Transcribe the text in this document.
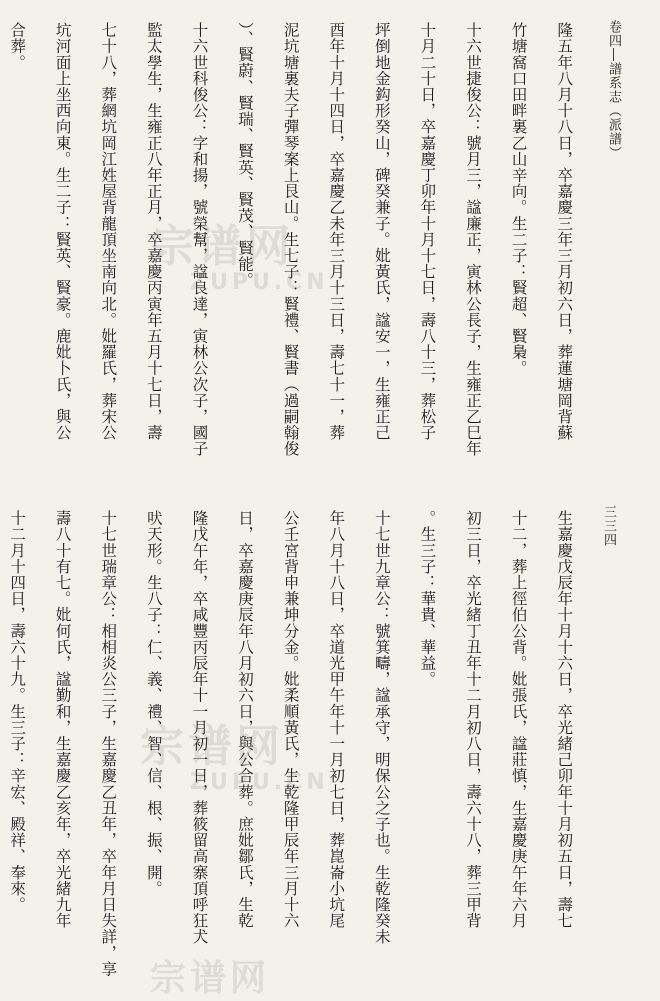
卷四―譜系志（派譜）
三三四

隆五年八月十八日，卒嘉慶三年三月初六日，葬蓮塘岡背蘇

竹塘窩口田畔裏乙山辛向。生二子：賢超、賢梟。

十六世捷俊公：號月三，諡廉正，寅林公長子，生雍正乙巳年

十月二十日，卒嘉慶丁卯年十月十七日，壽八十三，葬松子

坪倒地金鈎形癸山，碑癸兼子。妣黃氏，諡安一，生雍正己

酉年十月十四日，卒嘉慶乙未年三月十三日，壽七十一，葬

泥坑塘裏夫子彈琴案上艮山。生七子：賢禮、賢書（過嗣翰俊

）、賢蔚、賢瑞、賢英、賢茂、賢能。

十六世科俊公：字和揚，號榮幫，諡良達，寅林公次子，國子

監太學生，生雍正八年正月，卒嘉慶丙寅年五月十七日，壽

七十八，葬網坑岡江姓屋背龍頂坐南向北。妣羅氏，葬宋公

坑河面上坐西向東。生二子：賢英、賢豪。鹿妣卜氏，與公

合葬。

生嘉慶戊辰年十月十六日，卒光緒己卯年十月初五日，壽七

十二，葬上徑伯公背。妣張氏，諡莊慎，生嘉慶庚午年六月

初三日，卒光緒丁丑年十二月初八日，壽六十八，葬三甲背

。生三子：華貴、華益。

十七世九章公：號箕疇，諡承守，明保公之子也。生乾隆癸未

年八月十八日，卒道光甲午年十一月初七日，葬崑崙小坑尾

公壬宮背申兼坤分金。妣柔順黃氏，生乾隆甲辰年三月十六

日，卒嘉慶庚辰年八月初六日，與公合葬。庶妣鄒氏，生乾

隆戊午年，卒咸豐丙辰年十一月初一日，葬筱留高寨頂呼狂犬

吠天形。生八子：仁、義、禮、智、信、根、振、開。

十七世瑞章公：相相炎公三子，生嘉慶乙丑年，卒年月日失詳，享

壽八十有七。妣何氏，諡勤和，生嘉慶乙亥年，卒光緒九年

十二月十四日，壽六十九。生三子：辛宏、殿祥、奉來。

宗谱网
ZUPU.CN
宗谱网
ZUPU.CN
宗谱网
